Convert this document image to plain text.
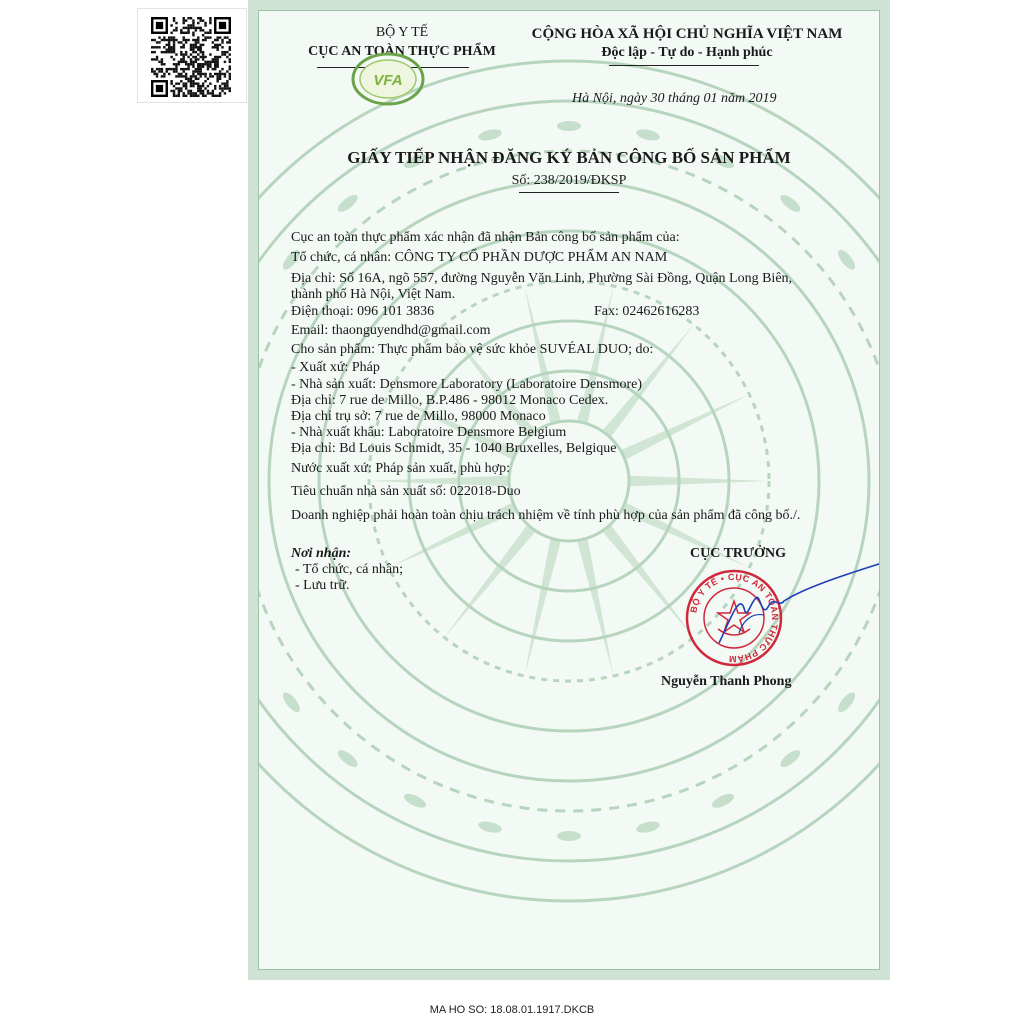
BỘ Y TẾ
CỤC AN TOÀN THỰC PHẨM
VFA
CỘNG HÒA XÃ HỘI CHỦ NGHĨA VIỆT NAM
Độc lập - Tự do - Hạnh phúc
Hà Nội, ngày 30 tháng 01 năm 2019
GIẤY TIẾP NHẬN ĐĂNG KÝ BẢN CÔNG BỐ SẢN PHẨM
Số: 238/2019/ĐKSP
Cục an toàn thực phẩm xác nhận đã nhận Bản công bố sản phẩm của:
Tổ chức, cá nhân: CÔNG TY CỔ PHẦN DƯỢC PHẨM AN NAM
Địa chỉ: Số 16A, ngõ 557, đường Nguyễn Văn Linh, Phường Sài Đồng, Quận Long Biên,
thành phố Hà Nội, Việt Nam.
Điện thoại: 096 101 3836	Fax: 02462616283
Email: thaonguyendhd@gmail.com
Cho sản phẩm: Thực phẩm bảo vệ sức khỏe SUVÉAL DUO; do:
- Xuất xứ: Pháp
- Nhà sản xuất: Densmore Laboratory (Laboratoire Densmore)
Địa chỉ: 7 rue de Millo, B.P.486 - 98012 Monaco Cedex.
Địa chỉ trụ sở: 7 rue de Millo, 98000 Monaco
- Nhà xuất khẩu: Laboratoire Densmore Belgium
Địa chỉ: Bd Louis Schmidt, 35 - 1040 Bruxelles, Belgique
Nước xuất xứ: Pháp sản xuất, phù hợp:
Tiêu chuẩn nhà sản xuất số: 022018-Duo
Doanh nghiệp phải hoàn toàn chịu trách nhiệm về tính phù hợp của sản phẩm đã công bố./.
Nơi nhận:
- Tổ chức, cá nhân;
- Lưu trữ.
CỤC TRƯỞNG
BỘ Y TẾ • CỤC AN TOÀN THỰC PHẨM
Nguyễn Thanh Phong
MA HO SO: 18.08.01.1917.DKCB
